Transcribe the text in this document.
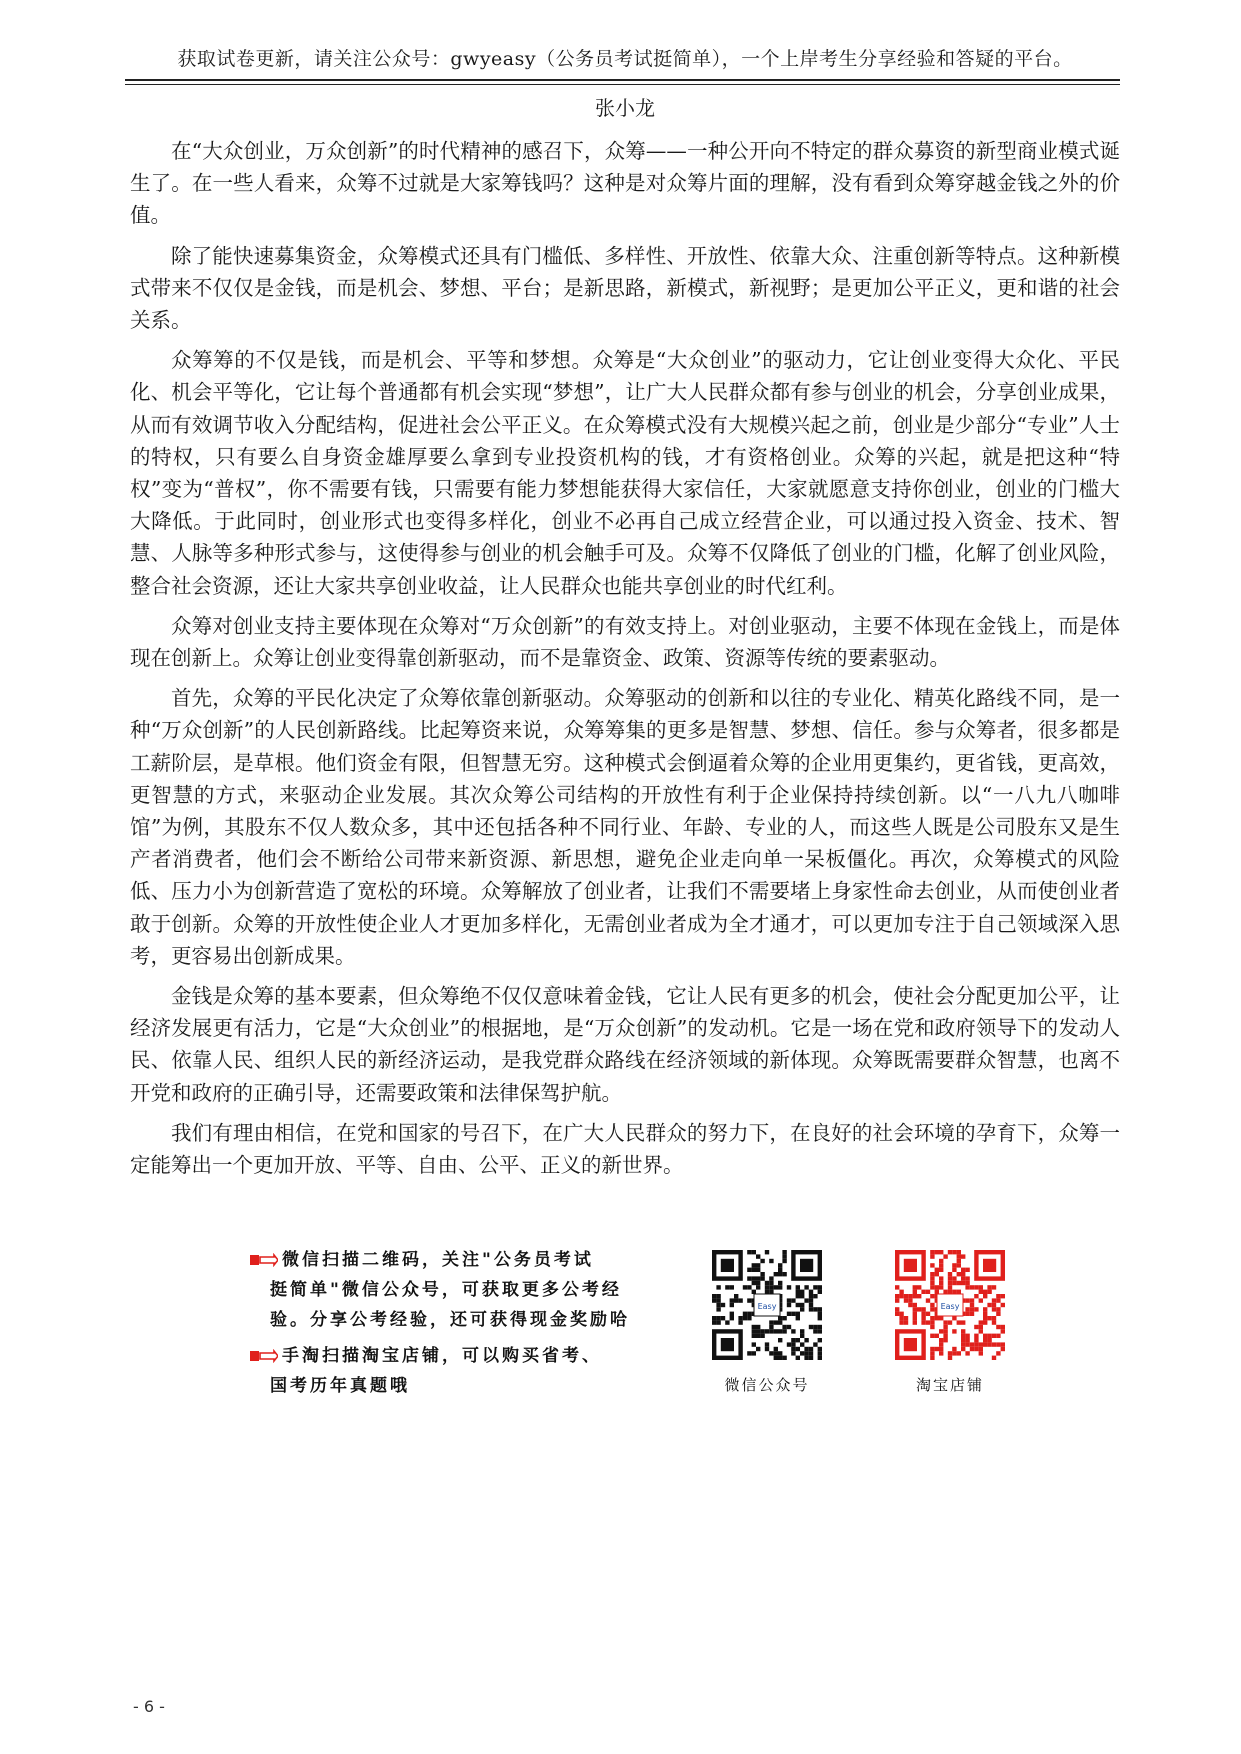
获取试卷更新，请关注公众号：gwyeasy（公务员考试挺简单），一个上岸考生分享经验和答疑的平台。
张小龙

在“大众创业，万众创新”的时代精神的感召下，众筹——一种公开向不特定的群众募资的新型商业模式诞生了。在一些人看来，众筹不过就是大家筹钱吗？这种是对众筹片面的理解，没有看到众筹穿越金钱之外的价值。

除了能快速募集资金，众筹模式还具有门槛低、多样性、开放性、依靠大众、注重创新等特点。这种新模式带来不仅仅是金钱，而是机会、梦想、平台；是新思路，新模式，新视野；是更加公平正义，更和谐的社会关系。

众筹筹的不仅是钱，而是机会、平等和梦想。众筹是“大众创业”的驱动力，它让创业变得大众化、平民化、机会平等化，它让每个普通都有机会实现“梦想”，让广大人民群众都有参与创业的机会，分享创业成果，从而有效调节收入分配结构，促进社会公平正义。在众筹模式没有大规模兴起之前，创业是少部分“专业”人士的特权，只有要么自身资金雄厚要么拿到专业投资机构的钱，才有资格创业。众筹的兴起，就是把这种“特权”变为“普权”，你不需要有钱，只需要有能力梦想能获得大家信任，大家就愿意支持你创业，创业的门槛大大降低。于此同时，创业形式也变得多样化，创业不必再自己成立经营企业，可以通过投入资金、技术、智慧、人脉等多种形式参与，这使得参与创业的机会触手可及。众筹不仅降低了创业的门槛，化解了创业风险，整合社会资源，还让大家共享创业收益，让人民群众也能共享创业的时代红利。

众筹对创业支持主要体现在众筹对“万众创新”的有效支持上。对创业驱动，主要不体现在金钱上，而是体现在创新上。众筹让创业变得靠创新驱动，而不是靠资金、政策、资源等传统的要素驱动。

首先，众筹的平民化决定了众筹依靠创新驱动。众筹驱动的创新和以往的专业化、精英化路线不同，是一种“万众创新”的人民创新路线。比起筹资来说，众筹筹集的更多是智慧、梦想、信任。参与众筹者，很多都是工薪阶层，是草根。他们资金有限，但智慧无穷。这种模式会倒逼着众筹的企业用更集约，更省钱，更高效，更智慧的方式，来驱动企业发展。其次众筹公司结构的开放性有利于企业保持持续创新。以“一八九八咖啡馆”为例，其股东不仅人数众多，其中还包括各种不同行业、年龄、专业的人，而这些人既是公司股东又是生产者消费者，他们会不断给公司带来新资源、新思想，避免企业走向单一呆板僵化。再次，众筹模式的风险低、压力小为创新营造了宽松的环境。众筹解放了创业者，让我们不需要堵上身家性命去创业，从而使创业者敢于创新。众筹的开放性使企业人才更加多样化，无需创业者成为全才通才，可以更加专注于自己领域深入思考，更容易出创新成果。

金钱是众筹的基本要素，但众筹绝不仅仅意味着金钱，它让人民有更多的机会，使社会分配更加公平，让经济发展更有活力，它是“大众创业”的根据地，是“万众创新”的发动机。它是一场在党和政府领导下的发动人民、依靠人民、组织人民的新经济运动，是我党群众路线在经济领域的新体现。众筹既需要群众智慧，也离不开党和政府的正确引导，还需要政策和法律保驾护航。

我们有理由相信，在党和国家的号召下，在广大人民群众的努力下，在良好的社会环境的孕育下，众筹一定能筹出一个更加开放、平等、自由、公平、正义的新世界。

微信扫描二维码，关注"公务员考试
挺简单"微信公众号，可获取更多公考经
验。分享公考经验，还可获得现金奖励哈
手淘扫描淘宝店铺，可以购买省考、
国考历年真题哦
Easy
微信公众号
Easy
淘宝店铺
- 6 -
